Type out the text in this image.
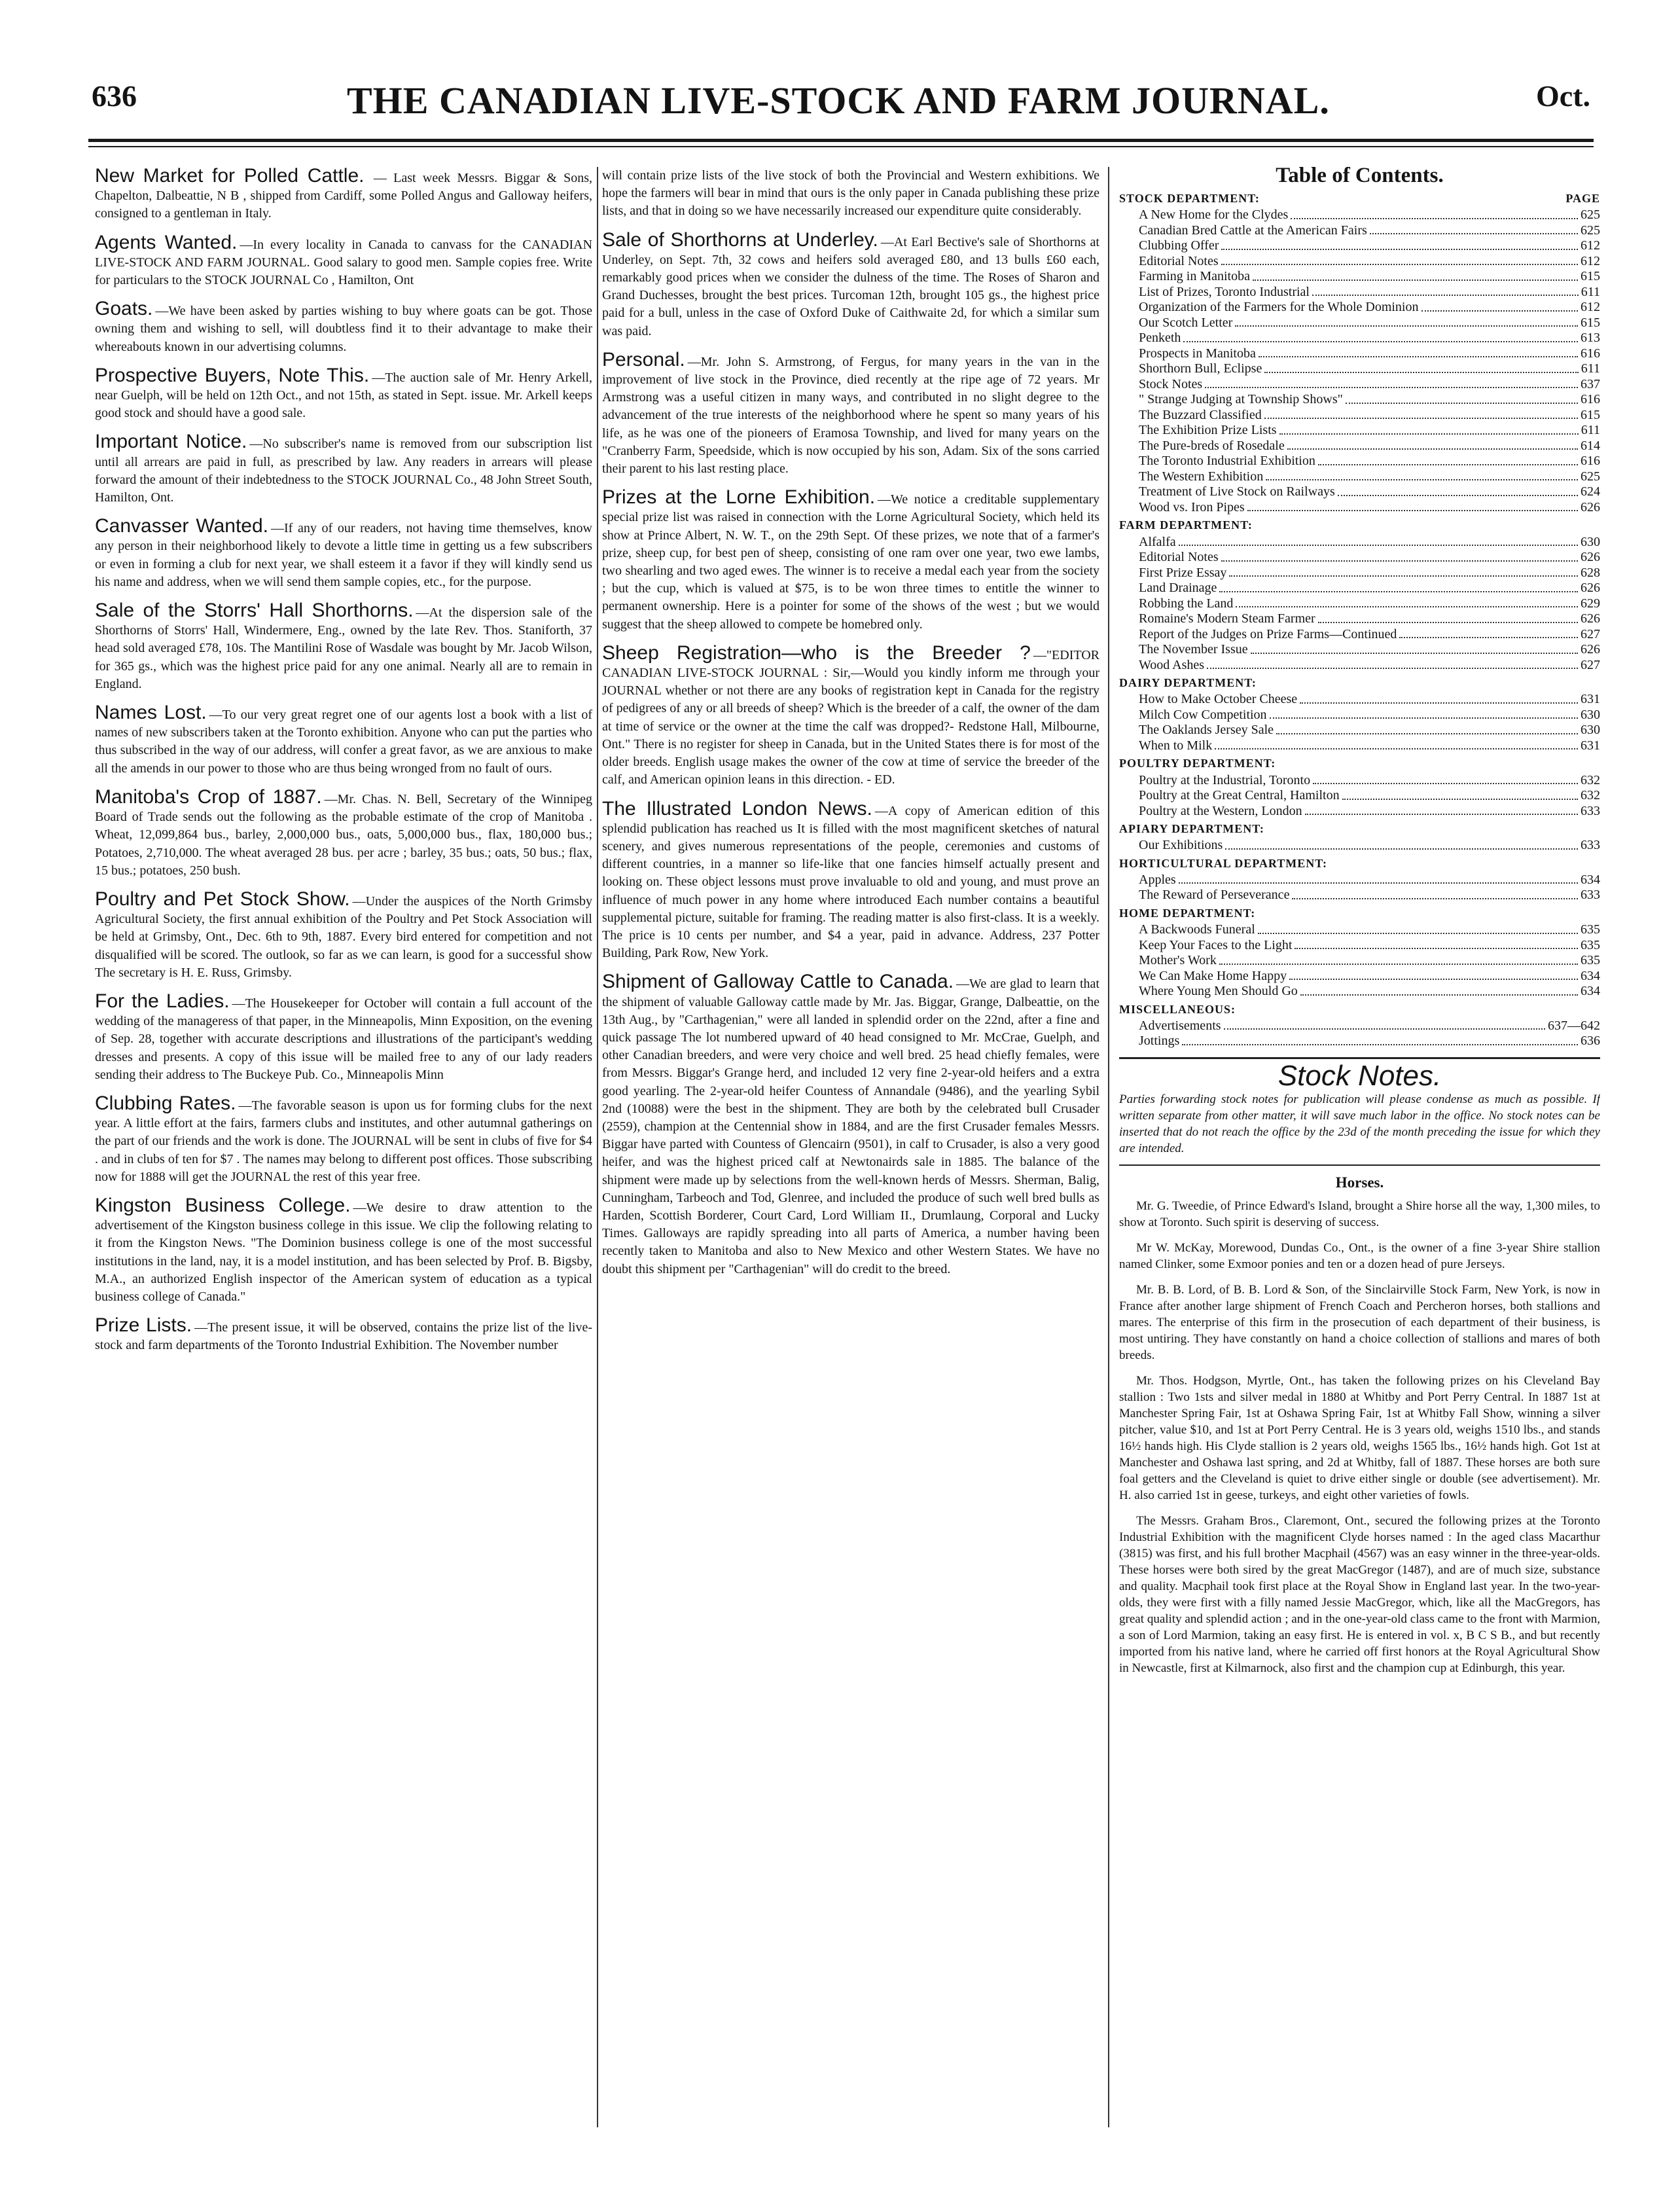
636	THE CANADIAN LIVE-STOCK AND FARM JOURNAL.	Oct.

New Market for Polled Cattle. — Last week Messrs. Biggar & Sons, Chapelton, Dalbeattie, N B , shipped from Cardiff, some Polled Angus and Galloway heifers, consigned to a gentleman in Italy.

Agents Wanted. —In every locality in Canada to canvass for the CANADIAN LIVE-STOCK AND FARM JOURNAL. Good salary to good men. Sample copies free. Write for particulars to the STOCK JOURNAL Co , Hamilton, Ont

Goats. —We have been asked by parties wishing to buy where goats can be got. Those owning them and wishing to sell, will doubtless find it to their advantage to make their whereabouts known in our advertising columns.

Prospective Buyers, Note This. —The auction sale of Mr. Henry Arkell, near Guelph, will be held on 12th Oct., and not 15th, as stated in Sept. issue. Mr. Arkell keeps good stock and should have a good sale.

Important Notice. —No subscriber's name is removed from our subscription list until all arrears are paid in full, as prescribed by law. Any readers in arrears will please forward the amount of their indebtedness to the STOCK JOURNAL Co., 48 John Street South, Hamilton, Ont.

Canvasser Wanted. —If any of our readers, not having time themselves, know any person in their neighborhood likely to devote a little time in getting us a few subscribers or even in forming a club for next year, we shall esteem it a favor if they will kindly send us his name and address, when we will send them sample copies, etc., for the purpose.

Sale of the Storrs' Hall Shorthorns. —At the dispersion sale of the Shorthorns of Storrs' Hall, Windermere, Eng., owned by the late Rev. Thos. Staniforth, 37 head sold averaged £78, 10s. The Mantilini Rose of Wasdale was bought by Mr. Jacob Wilson, for 365 gs., which was the highest price paid for any one animal. Nearly all are to remain in England.

Names Lost. —To our very great regret one of our agents lost a book with a list of names of new subscribers taken at the Toronto exhibition. Anyone who can put the parties who thus subscribed in the way of our address, will confer a great favor, as we are anxious to make all the amends in our power to those who are thus being wronged from no fault of ours.

Manitoba's Crop of 1887. —Mr. Chas. N. Bell, Secretary of the Winnipeg Board of Trade sends out the following as the probable estimate of the crop of Manitoba . Wheat, 12,099,864 bus., barley, 2,000,000 bus., oats, 5,000,000 bus., flax, 180,000 bus.; Potatoes, 2,710,000. The wheat averaged 28 bus. per acre ; barley, 35 bus.; oats, 50 bus.; flax, 15 bus.; potatoes, 250 bush.

Poultry and Pet Stock Show. —Under the auspices of the North Grimsby Agricultural Society, the first annual exhibition of the Poultry and Pet Stock Association will be held at Grimsby, Ont., Dec. 6th to 9th, 1887. Every bird entered for competition and not disqualified will be scored. The outlook, so far as we can learn, is good for a successful show The secretary is H. E. Russ, Grimsby.

For the Ladies. —The Housekeeper for October will contain a full account of the wedding of the manageress of that paper, in the Minneapolis, Minn Exposition, on the evening of Sep. 28, together with accurate descriptions and illustrations of the participant's wedding dresses and presents. A copy of this issue will be mailed free to any of our lady readers sending their address to The Buckeye Pub. Co., Minneapolis Minn

Clubbing Rates. —The favorable season is upon us for forming clubs for the next year. A little effort at the fairs, farmers clubs and institutes, and other autumnal gatherings on the part of our friends and the work is done. The JOURNAL will be sent in clubs of five for $4 . and in clubs of ten for $7 . The names may belong to different post offices. Those subscribing now for 1888 will get the JOURNAL the rest of this year free.

Kingston Business College. —We desire to draw attention to the advertisement of the Kingston business college in this issue. We clip the following relating to it from the Kingston News. "The Dominion business college is one of the most successful institutions in the land, nay, it is a model institution, and has been selected by Prof. B. Bigsby, M.A., an authorized English inspector of the American system of education as a typical business college of Canada."

Prize Lists. —The present issue, it will be observed, contains the prize list of the live-stock and farm departments of the Toronto Industrial Exhibition. The November number

will contain prize lists of the live stock of both the Provincial and Western exhibitions. We hope the farmers will bear in mind that ours is the only paper in Canada publishing these prize lists, and that in doing so we have necessarily increased our expenditure quite considerably.

Sale of Shorthorns at Underley. —At Earl Bective's sale of Shorthorns at Underley, on Sept. 7th, 32 cows and heifers sold averaged £80, and 13 bulls £60 each, remarkably good prices when we consider the dulness of the time. The Roses of Sharon and Grand Duchesses, brought the best prices. Turcoman 12th, brought 105 gs., the highest price paid for a bull, unless in the case of Oxford Duke of Caithwaite 2d, for which a similar sum was paid.

Personal. —Mr. John S. Armstrong, of Fergus, for many years in the van in the improvement of live stock in the Province, died recently at the ripe age of 72 years. Mr Armstrong was a useful citizen in many ways, and contributed in no slight degree to the advancement of the true interests of the neighborhood where he spent so many years of his life, as he was one of the pioneers of Eramosa Township, and lived for many years on the "Cranberry Farm, Speedside, which is now occupied by his son, Adam. Six of the sons carried their parent to his last resting place.

Prizes at the Lorne Exhibition. —We notice a creditable supplementary special prize list was raised in connection with the Lorne Agricultural Society, which held its show at Prince Albert, N. W. T., on the 29th Sept. Of these prizes, we note that of a farmer's prize, sheep cup, for best pen of sheep, consisting of one ram over one year, two ewe lambs, two shearling and two aged ewes. The winner is to receive a medal each year from the society ; but the cup, which is valued at $75, is to be won three times to entitle the winner to permanent ownership. Here is a pointer for some of the shows of the west ; but we would suggest that the sheep allowed to compete be homebred only.

Sheep Registration—who is the Breeder ? —"EDITOR CANADIAN LIVE-STOCK JOURNAL : Sir,—Would you kindly inform me through your JOURNAL whether or not there are any books of registration kept in Canada for the registry of pedigrees of any or all breeds of sheep? Which is the breeder of a calf, the owner of the dam at time of service or the owner at the time the calf was dropped?- Redstone Hall, Milbourne, Ont." There is no register for sheep in Canada, but in the United States there is for most of the older breeds. English usage makes the owner of the cow at time of service the breeder of the calf, and American opinion leans in this direction. - ED.

The Illustrated London News. —A copy of American edition of this splendid publication has reached us It is filled with the most magnificent sketches of natural scenery, and gives numerous representations of the people, ceremonies and customs of different countries, in a manner so life-like that one fancies himself actually present and looking on. These object lessons must prove invaluable to old and young, and must prove an influence of much power in any home where introduced Each number contains a beautiful supplemental picture, suitable for framing. The reading matter is also first-class. It is a weekly. The price is 10 cents per number, and $4 a year, paid in advance. Address, 237 Potter Building, Park Row, New York.

Shipment of Galloway Cattle to Canada. —We are glad to learn that the shipment of valuable Galloway cattle made by Mr. Jas. Biggar, Grange, Dalbeattie, on the 13th Aug., by "Carthagenian," were all landed in splendid order on the 22nd, after a fine and quick passage The lot numbered upward of 40 head consigned to Mr. McCrae, Guelph, and other Canadian breeders, and were very choice and well bred. 25 head chiefly females, were from Messrs. Biggar's Grange herd, and included 12 very fine 2-year-old heifers and a extra good yearling. The 2-year-old heifer Countess of Annandale (9486), and the yearling Sybil 2nd (10088) were the best in the shipment. They are both by the celebrated bull Crusader (2559), champion at the Centennial show in 1884, and are the first Crusader females Messrs. Biggar have parted with Countess of Glencairn (9501), in calf to Crusader, is also a very good heifer, and was the highest priced calf at Newtonairds sale in 1885. The balance of the shipment were made up by selections from the well-known herds of Messrs. Sherman, Balig, Cunningham, Tarbeoch and Tod, Glenree, and included the produce of such well bred bulls as Harden, Scottish Borderer, Court Card, Lord William II., Drumlaung, Corporal and Lucky Times. Galloways are rapidly spreading into all parts of America, a number having been recently taken to Manitoba and also to New Mexico and other Western States. We have no doubt this shipment per "Carthagenian" will do credit to the breed.

Table of Contents.
STOCK DEPARTMENT:	PAGE
A New Home for the Clydes	625
Canadian Bred Cattle at the American Fairs	625
Clubbing Offer	612
Editorial Notes	612
Farming in Manitoba	615
List of Prizes, Toronto Industrial	611
Organization of the Farmers for the Whole Dominion	612
Our Scotch Letter	615
Penketh	613
Prospects in Manitoba	616
Shorthorn Bull, Eclipse	611
Stock Notes	637
" Strange Judging at Township Shows"	616
The Buzzard Classified	615
The Exhibition Prize Lists	611
The Pure-breds of Rosedale	614
The Toronto Industrial Exhibition	616
The Western Exhibition	625
Treatment of Live Stock on Railways	624
Wood vs. Iron Pipes	626
FARM DEPARTMENT:
Alfalfa	630
Editorial Notes	626
First Prize Essay	628
Land Drainage	626
Robbing the Land	629
Romaine's Modern Steam Farmer	626
Report of the Judges on Prize Farms—Continued	627
The November Issue	626
Wood Ashes	627
DAIRY DEPARTMENT:
How to Make October Cheese	631
Milch Cow Competition	630
The Oaklands Jersey Sale	630
When to Milk	631
POULTRY DEPARTMENT:
Poultry at the Industrial, Toronto	632
Poultry at the Great Central, Hamilton	632
Poultry at the Western, London	633
APIARY DEPARTMENT:
Our Exhibitions	633
HORTICULTURAL DEPARTMENT:
Apples	634
The Reward of Perseverance	633
HOME DEPARTMENT:
A Backwoods Funeral	635
Keep Your Faces to the Light	635
Mother's Work	635
We Can Make Home Happy	634
Where Young Men Should Go	634
MISCELLANEOUS:
Advertisements	637—642
Jottings	636
Stock Notes.
Parties forwarding stock notes for publication will please condense as much as possible. If written separate from other matter, it will save much labor in the office. No stock notes can be inserted that do not reach the office by the 23d of the month preceding the issue for which they are intended.
Horses.

Mr. G. Tweedie, of Prince Edward's Island, brought a Shire horse all the way, 1,300 miles, to show at Toronto. Such spirit is deserving of success.

Mr W. McKay, Morewood, Dundas Co., Ont., is the owner of a fine 3-year Shire stallion named Clinker, some Exmoor ponies and ten or a dozen head of pure Jerseys.

Mr. B. B. Lord, of B. B. Lord & Son, of the Sinclairville Stock Farm, New York, is now in France after another large shipment of French Coach and Percheron horses, both stallions and mares. The enterprise of this firm in the prosecution of each department of their business, is most untiring. They have constantly on hand a choice collection of stallions and mares of both breeds.

Mr. Thos. Hodgson, Myrtle, Ont., has taken the following prizes on his Cleveland Bay stallion : Two 1sts and silver medal in 1880 at Whitby and Port Perry Central. In 1887 1st at Manchester Spring Fair, 1st at Oshawa Spring Fair, 1st at Whitby Fall Show, winning a silver pitcher, value $10, and 1st at Port Perry Central. He is 3 years old, weighs 1510 lbs., and stands 16½ hands high. His Clyde stallion is 2 years old, weighs 1565 lbs., 16½ hands high. Got 1st at Manchester and Oshawa last spring, and 2d at Whitby, fall of 1887. These horses are both sure foal getters and the Cleveland is quiet to drive either single or double (see advertisement). Mr. H. also carried 1st in geese, turkeys, and eight other varieties of fowls.

The Messrs. Graham Bros., Claremont, Ont., secured the following prizes at the Toronto Industrial Exhibition with the magnificent Clyde horses named : In the aged class Macarthur (3815) was first, and his full brother Macphail (4567) was an easy winner in the three-year-olds. These horses were both sired by the great MacGregor (1487), and are of much size, substance and quality. Macphail took first place at the Royal Show in England last year. In the two-year-olds, they were first with a filly named Jessie MacGregor, which, like all the MacGregors, has great quality and splendid action ; and in the one-year-old class came to the front with Marmion, a son of Lord Marmion, taking an easy first. He is entered in vol. x, B C S B., and but recently imported from his native land, where he carried off first honors at the Royal Agricultural Show in Newcastle, first at Kilmarnock, also first and the champion cup at Edinburgh, this year.
